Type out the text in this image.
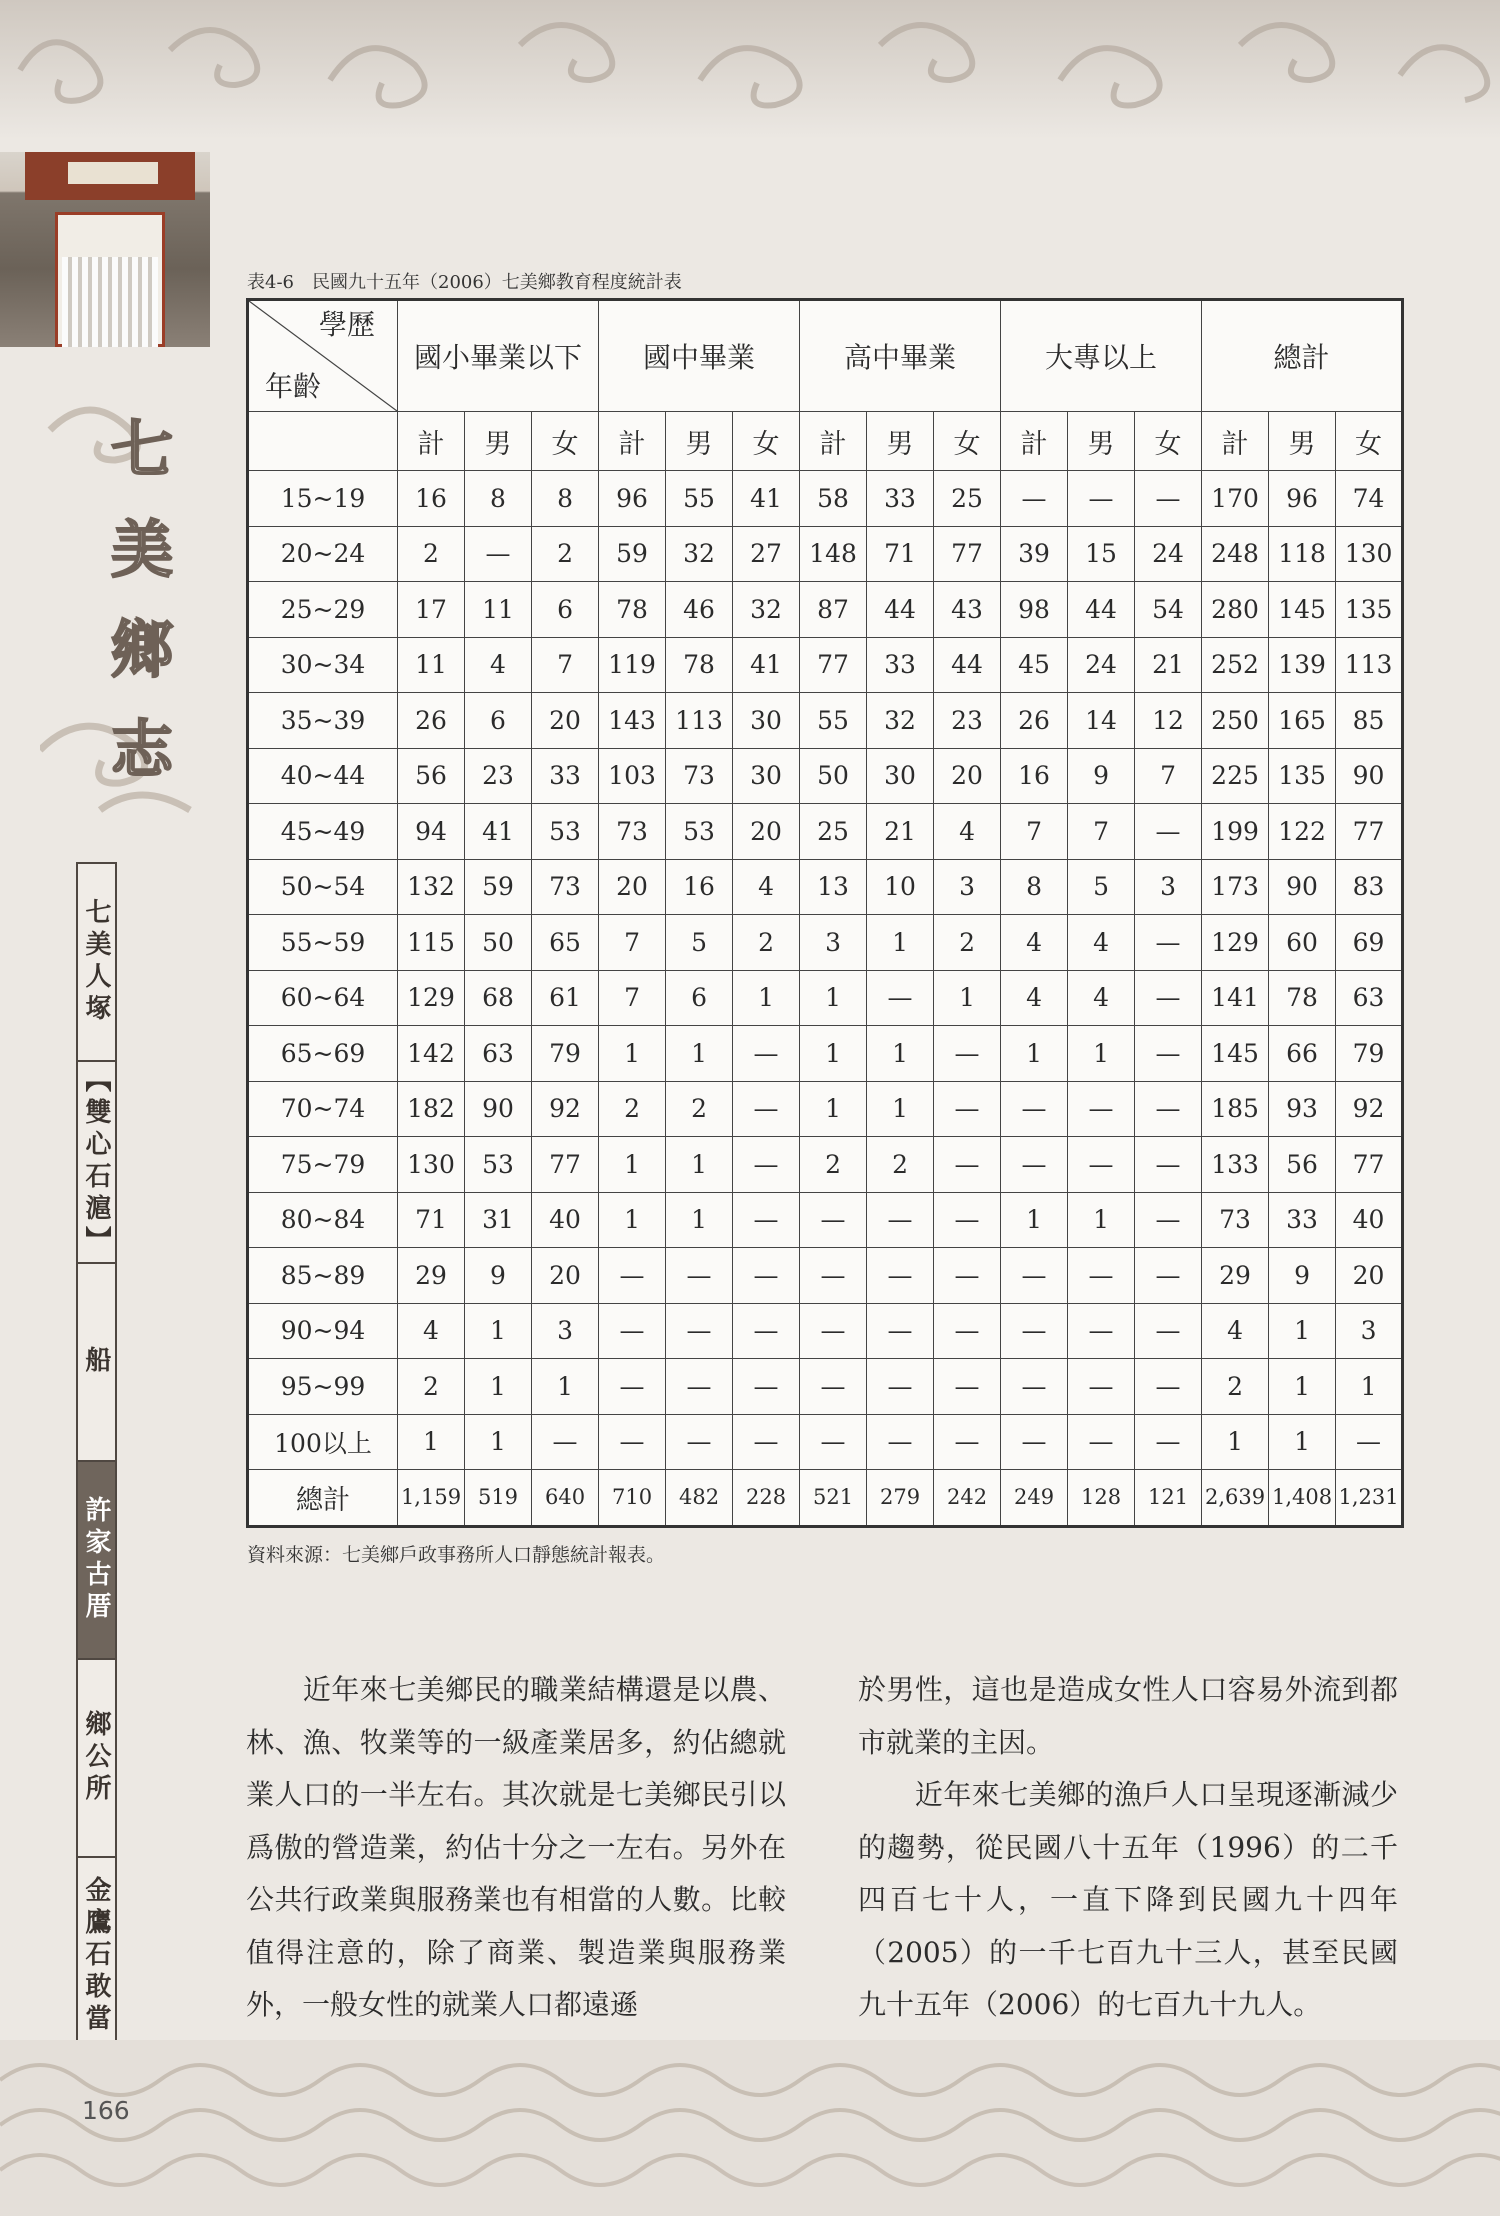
七
美
鄉
志
七美人塚
【雙心石滬】
船
許家古厝
鄉公所
金鷹石敢當
表4-6　民國九十五年（2006）七美鄉教育程度統計表
學歷
年齡	國小畢業以下			國中畢業			高中畢業			大專以上			總計		
	計	男	女	計	男	女	計	男	女	計	男	女	計	男	女
15~19	16	8	8	96	55	41	58	33	25	—	—	—	170	96	74
20~24	2	—	2	59	32	27	148	71	77	39	15	24	248	118	130
25~29	17	11	6	78	46	32	87	44	43	98	44	54	280	145	135
30~34	11	4	7	119	78	41	77	33	44	45	24	21	252	139	113
35~39	26	6	20	143	113	30	55	32	23	26	14	12	250	165	85
40~44	56	23	33	103	73	30	50	30	20	16	9	7	225	135	90
45~49	94	41	53	73	53	20	25	21	4	7	7	—	199	122	77
50~54	132	59	73	20	16	4	13	10	3	8	5	3	173	90	83
55~59	115	50	65	7	5	2	3	1	2	4	4	—	129	60	69
60~64	129	68	61	7	6	1	1	—	1	4	4	—	141	78	63
65~69	142	63	79	1	1	—	1	1	—	1	1	—	145	66	79
70~74	182	90	92	2	2	—	1	1	—	—	—	—	185	93	92
75~79	130	53	77	1	1	—	2	2	—	—	—	—	133	56	77
80~84	71	31	40	1	1	—	—	—	—	1	1	—	73	33	40
85~89	29	9	20	—	—	—	—	—	—	—	—	—	29	9	20
90~94	4	1	3	—	—	—	—	—	—	—	—	—	4	1	3
95~99	2	1	1	—	—	—	—	—	—	—	—	—	2	1	1
100以上	1	1	—	—	—	—	—	—	—	—	—	—	1	1	—
總計	1,159	519	640	710	482	228	521	279	242	249	128	121	2,639	1,408	1,231
資料來源：七美鄉戶政事務所人口靜態統計報表。

　　近年來七美鄉民的職業結構還是以農、林、漁、牧業等的一級產業居多，約佔總就業人口的一半左右。其次就是七美鄉民引以爲傲的營造業，約佔十分之一左右。另外在公共行政業與服務業也有相當的人數。比較值得注意的，除了商業、製造業與服務業外，一般女性的就業人口都遠遜

於男性，這也是造成女性人口容易外流到都市就業的主因。

　　近年來七美鄉的漁戶人口呈現逐漸減少的趨勢，從民國八十五年（1996）的二千四百七十人，一直下降到民國九十四年（2005）的一千七百九十三人，甚至民國九十五年（2006）的七百九十九人。

166
